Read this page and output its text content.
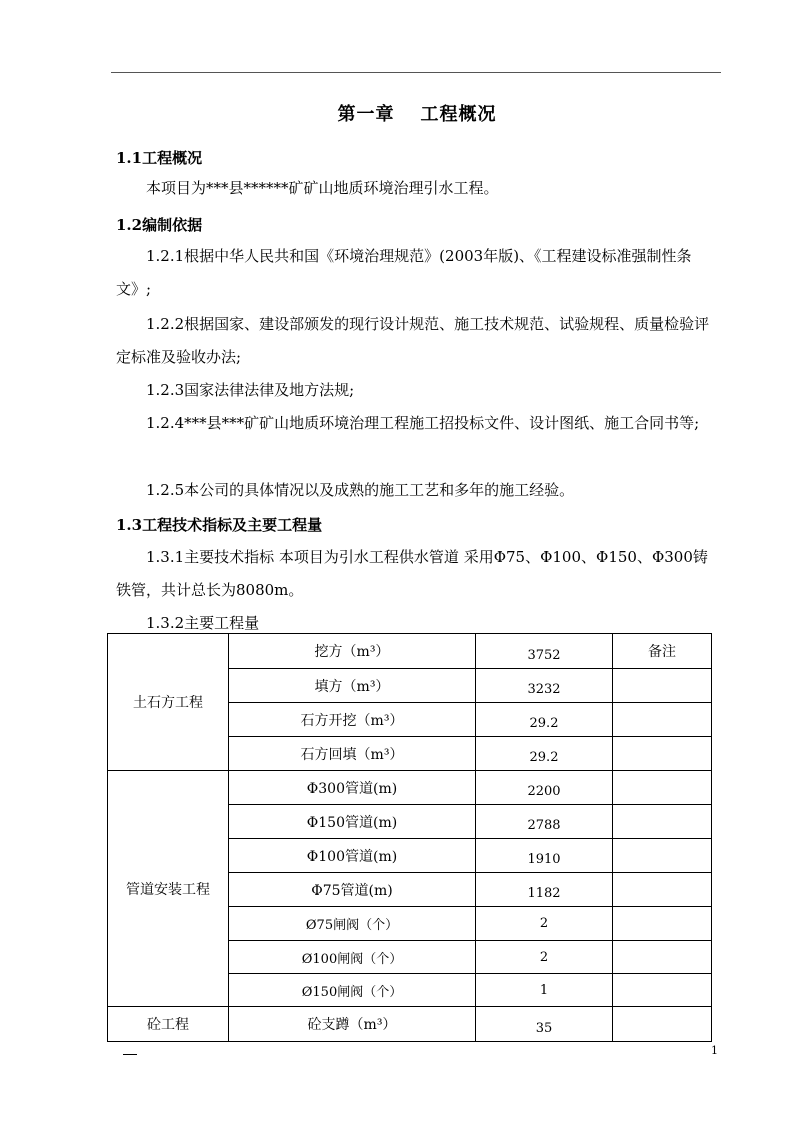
第一章 工程概况
1.1工程概况

本项目为***县******矿矿山地质环境治理引水工程。

1.2编制依据

1.2.1根据中华人民共和国《环境治理规范》(2003年版)、《工程建设标准强制性条文》;

1.2.2根据国家、建设部颁发的现行设计规范、施工技术规范、试验规程、质量检验评定标准及验收办法;

1.2.3国家法律法律及地方法规;

1.2.4***县***矿矿山地质环境治理工程施工招投标文件、设计图纸、施工合同书等;

1.2.5本公司的具体情况以及成熟的施工工艺和多年的施工经验。

1.3工程技术指标及主要工程量

1.3.1主要技术指标 本项目为引水工程供水管道 采用Φ75、Φ100、Φ150、Φ300铸铁管，共计总长为8080m。

1.3.2主要工程量
土石方工程	挖方（m³）	3752	备注
	填方（m³）	3232	
	石方开挖（m³）	29.2	
	石方回填（m³）	29.2	
管道安装工程	Φ300管道(m)	2200	
	Φ150管道(m)	2788	
	Φ100管道(m)	1910	
	Φ75管道(m)	1182	
	Ø75闸阀（个）	2	
	Ø100闸阀（个）	2	
	Ø150闸阀（个）	1	
砼工程	砼支蹲（m³）	35	
1
